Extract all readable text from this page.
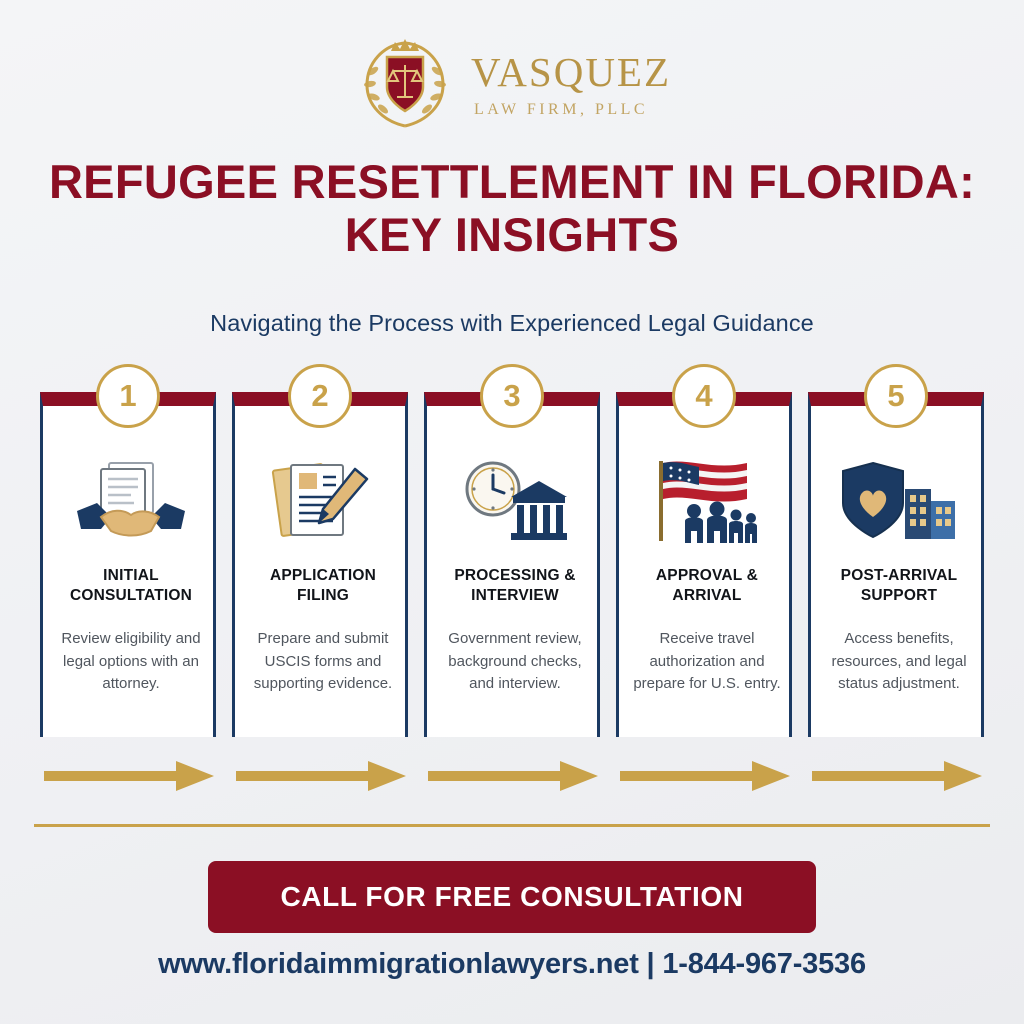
VASQUEZ
LAW FIRM, PLLC
REFUGEE RESETTLEMENT IN FLORIDA: KEY INSIGHTS
Navigating the Process with Experienced Legal Guidance
INITIAL CONSULTATION
Review eligibility and legal options with an attorney.
1
APPLICATION FILING
Prepare and submit USCIS forms and supporting evidence.
2
PROCESSING & INTERVIEW
Government review, background checks, and interview.
3
APPROVAL & ARRIVAL
Receive travel authorization and prepare for U.S. entry.
4
POST-ARRIVAL SUPPORT
Access benefits, resources, and legal status adjustment.
5
CALL FOR FREE CONSULTATION
www.floridaimmigrationlawyers.net | 1-844-967-3536
